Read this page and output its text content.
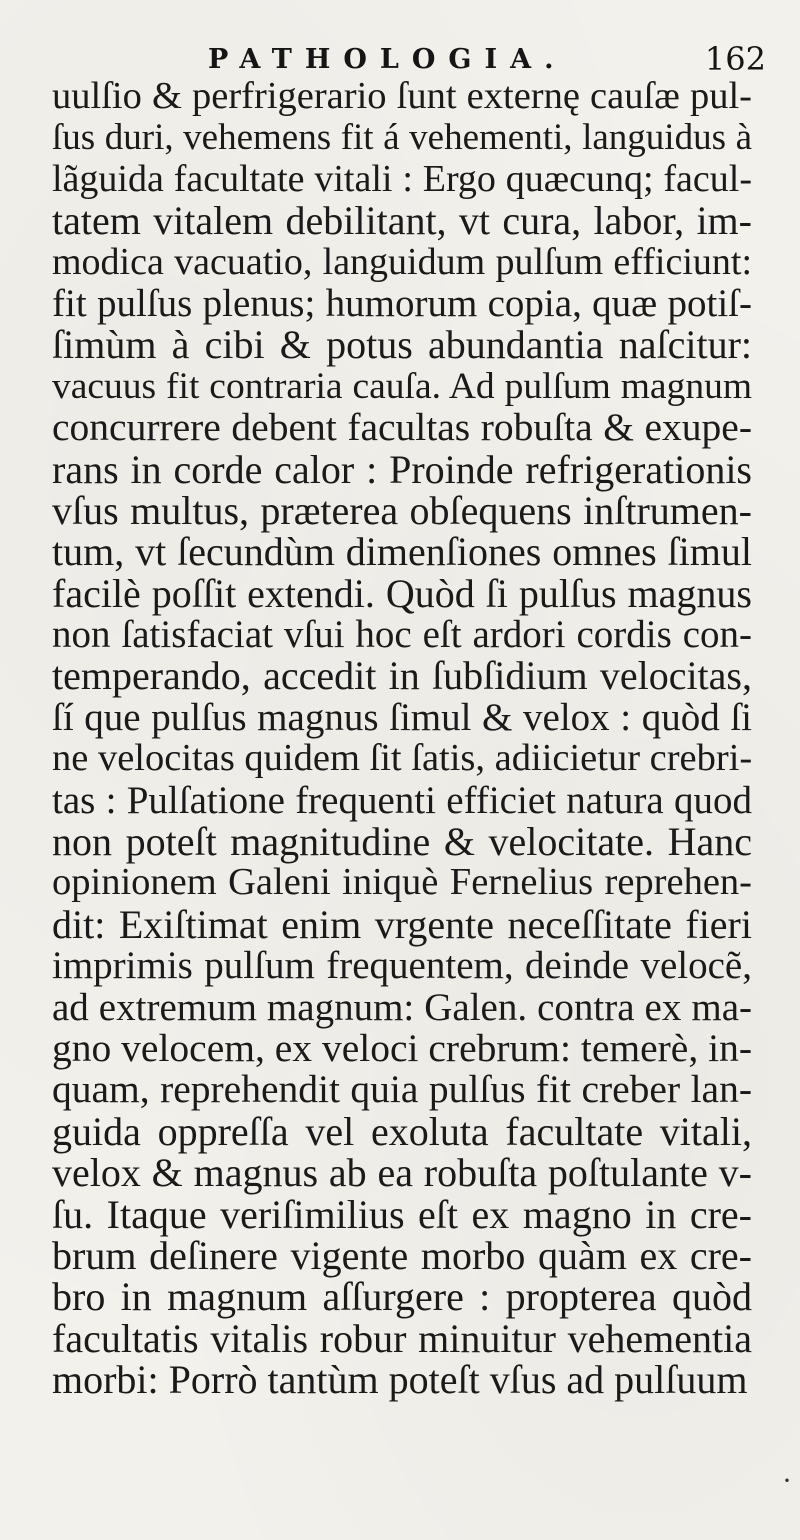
PATHOLOGIA.	162
uulſio & perfrigerario ſunt externę cauſæ pul-
ſus duri, vehemens fit á vehementi, languidus à
lãguida facultate vitali : Ergo quæcunq; facul-
tatem vitalem debilitant, vt cura, labor, im-
modica vacuatio, languidum pulſum efficiunt:
fit pulſus plenus; humorum copia, quæ potiſ-
ſimùm à cibi & potus abundantia naſcitur:
vacuus fit contraria cauſa. Ad pulſum magnum
concurrere debent facultas robuſta & exupe-
rans in corde calor : Proinde refrigerationis
vſus multus, præterea obſequens inſtrumen-
tum, vt ſecundùm dimenſiones omnes ſimul
facilè poſſit extendi. Quòd ſi pulſus magnus
non ſatisfaciat vſui hoc eſt ardori cordis con-
temperando, accedit in ſubſidium velocitas,
ſí que pulſus magnus ſimul & velox : quòd ſi
ne velocitas quidem ſit ſatis, adiicietur crebri-
tas : Pulſatione frequenti efficiet natura quod
non poteſt magnitudine & velocitate. Hanc
opinionem Galeni iniquè Fernelius reprehen-
dit: Exiſtimat enim vrgente neceſſitate fieri
imprimis pulſum frequentem, deinde velocẽ,
ad extremum magnum: Galen. contra ex ma-
gno velocem, ex veloci crebrum: temerè, in-
quam, reprehendit quia pulſus fit creber lan-
guida oppreſſa vel exoluta facultate vitali,
velox & magnus ab ea robuſta poſtulante v-
ſu. Itaque veriſimilius eſt ex magno in cre-
brum deſinere vigente morbo quàm ex cre-
bro in magnum aſſurgere : propterea quòd
facultatis vitalis robur minuitur vehementia
morbi: Porrò tantùm poteſt vſus ad pulſuum
·
